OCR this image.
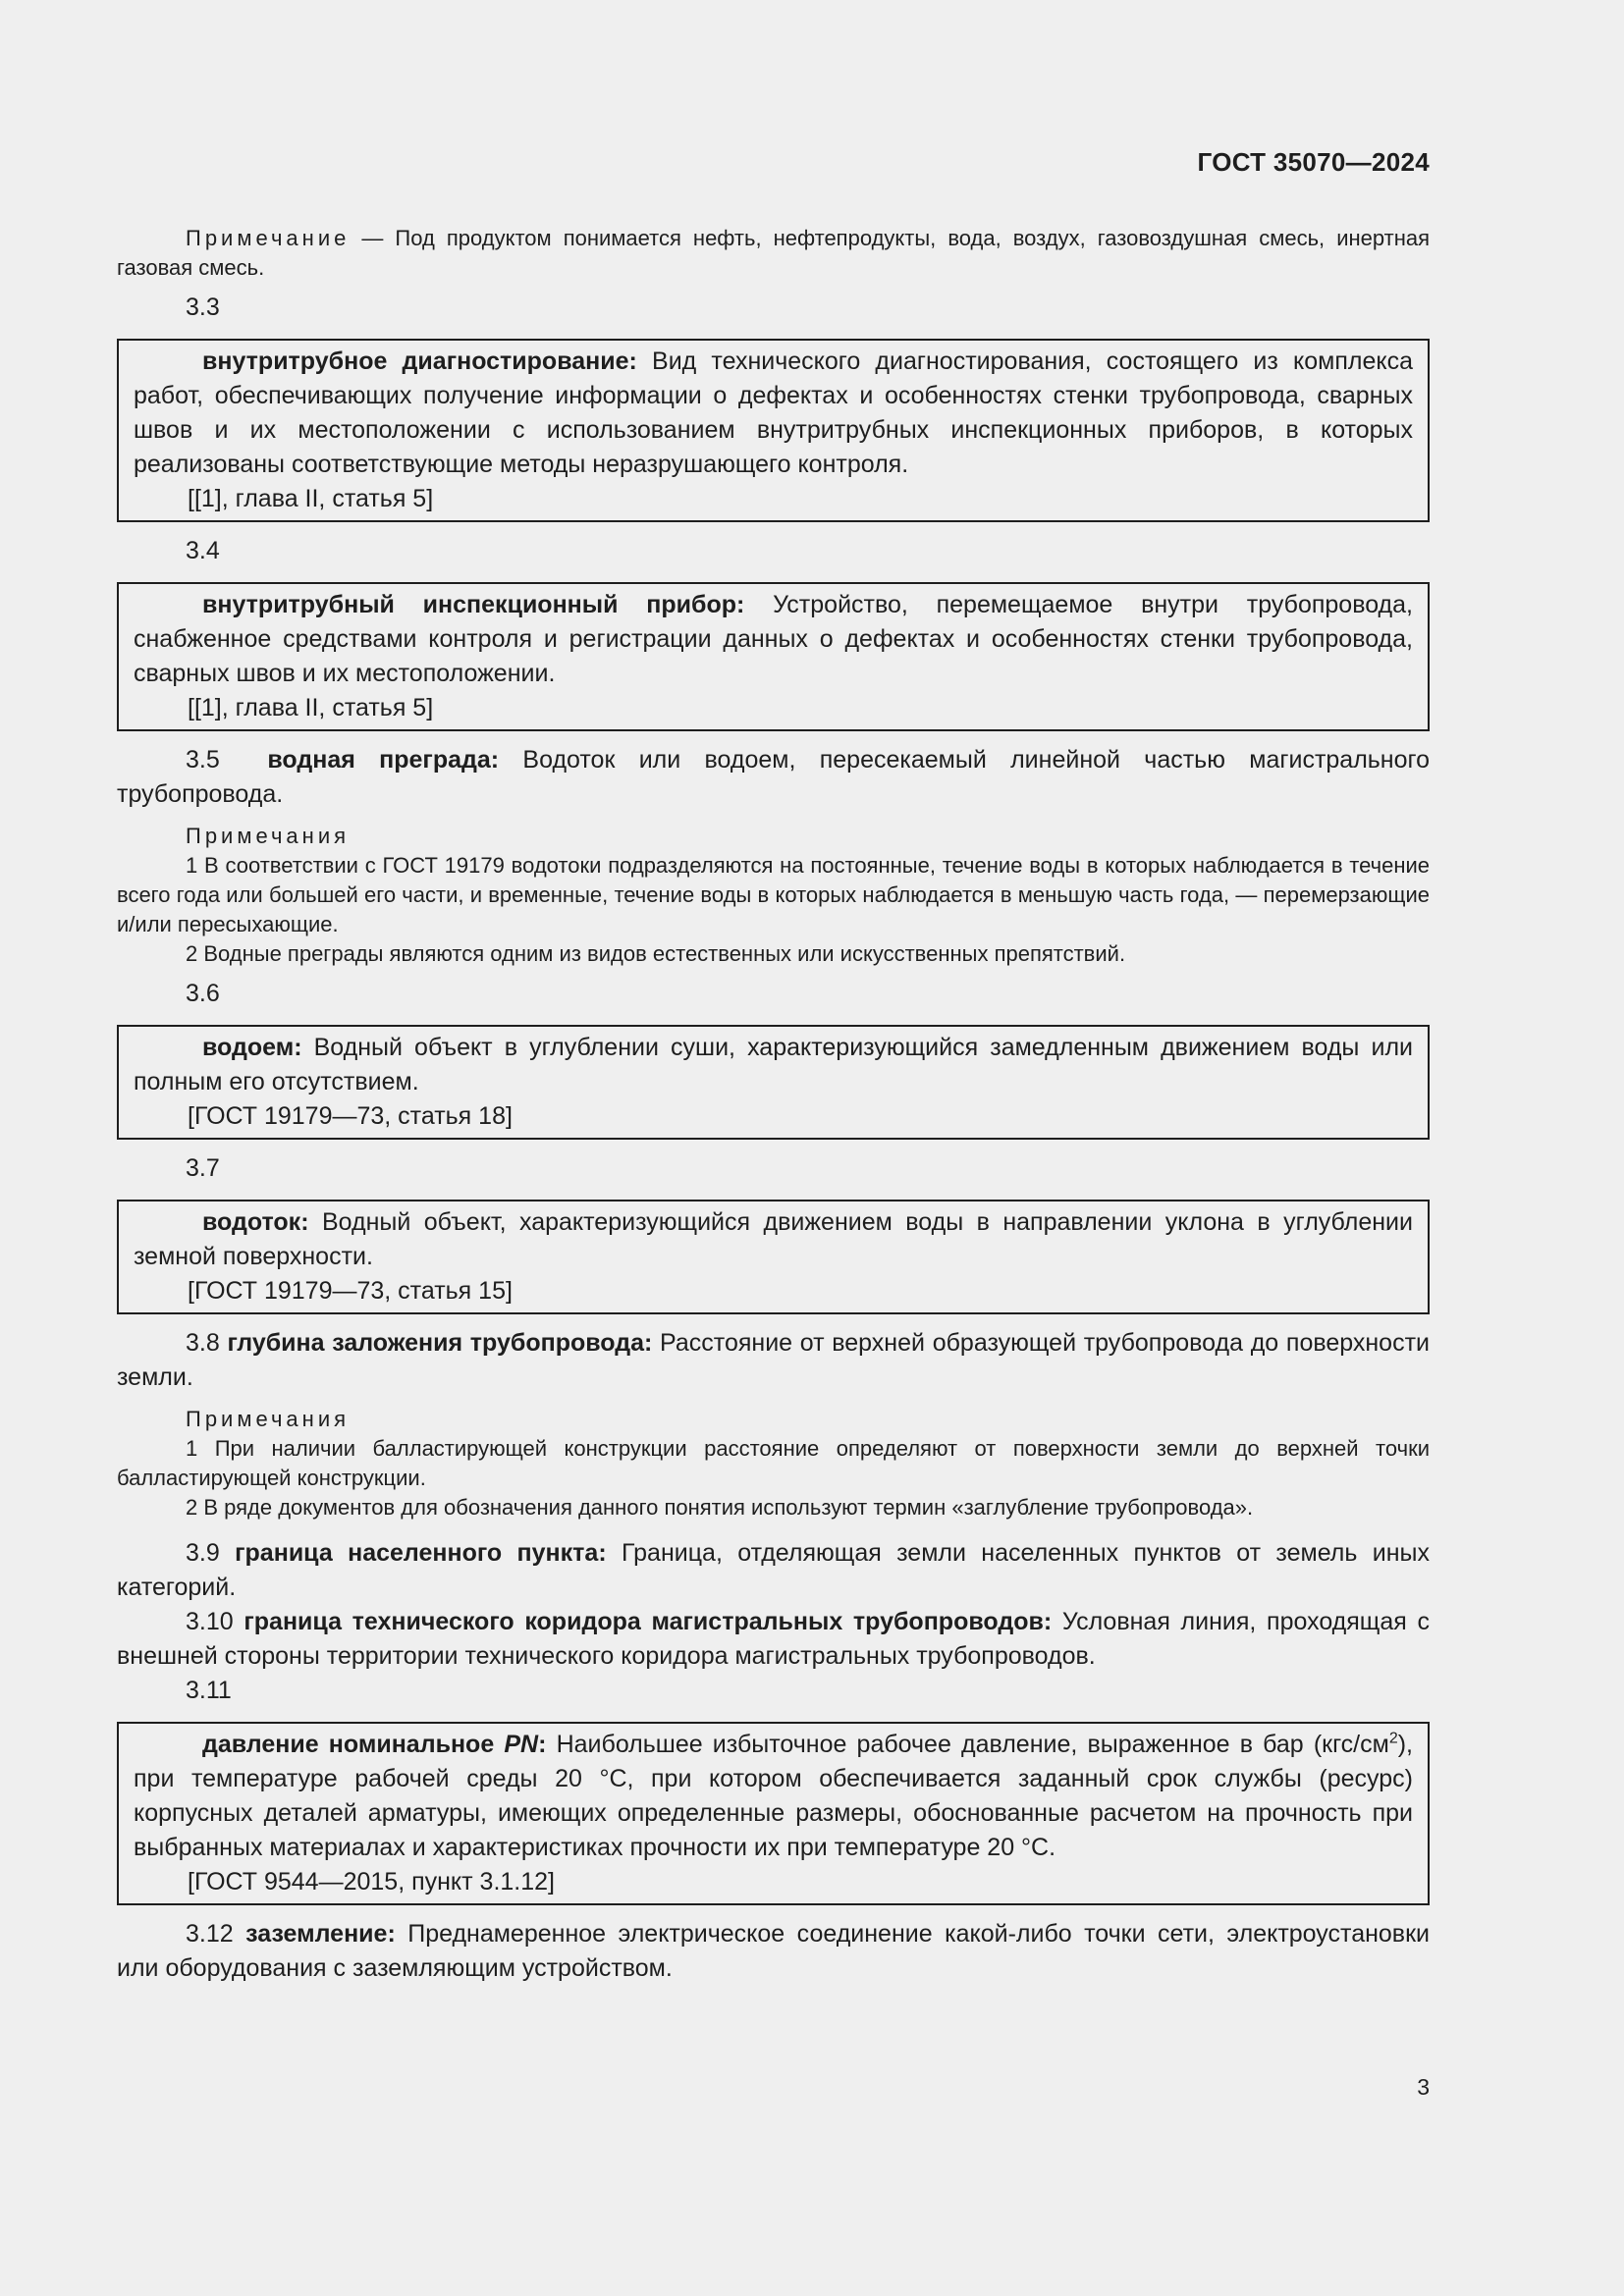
ГОСТ 35070—2024

Примечание — Под продуктом понимается нефть, нефтепродукты, вода, воздух, газовоздушная смесь, инертная газовая смесь.

3.3

внутритрубное диагностирование: Вид технического диагностирования, состоящего из комплекса работ, обеспечивающих получение информации о дефектах и особенностях стенки трубопровода, сварных швов и их местоположении с использованием внутритрубных инспекционных приборов, в которых реализованы соответствующие методы неразрушающего контроля.

[[1], глава II, статья 5]
3.4

внутритрубный инспекционный прибор: Устройство, перемещаемое внутри трубопровода, снабженное средствами контроля и регистрации данных о дефектах и особенностях стенки трубопровода, сварных швов и их местоположении.

[[1], глава II, статья 5]

3.5 водная преграда: Водоток или водоем, пересекаемый линейной частью магистрального трубопровода.

Примечания

1 В соответствии с ГОСТ 19179 водотоки подразделяются на постоянные, течение воды в которых наблюдается в течение всего года или большей его части, и временные, течение воды в которых наблюдается в меньшую часть года, — перемерзающие и/или пересыхающие.

2 Водные преграды являются одним из видов естественных или искусственных препятствий.

3.6

водоем: Водный объект в углублении суши, характеризующийся замедленным движением воды или полным его отсутствием.

[ГОСТ 19179—73, статья 18]
3.7

водоток: Водный объект, характеризующийся движением воды в направлении уклона в углублении земной поверхности.

[ГОСТ 19179—73, статья 15]

3.8 глубина заложения трубопровода: Расстояние от верхней образующей трубопровода до поверхности земли.

Примечания

1 При наличии балластирующей конструкции расстояние определяют от поверхности земли до верхней точки балластирующей конструкции.

2 В ряде документов для обозначения данного понятия используют термин «заглубление трубопровода».

3.9 граница населенного пункта: Граница, отделяющая земли населенных пунктов от земель иных категорий.

3.10 граница технического коридора магистральных трубопроводов: Условная линия, проходящая с внешней стороны территории технического коридора магистральных трубопроводов.

3.11

давление номинальное PN: Наибольшее избыточное рабочее давление, выраженное в бар $(кгс/см^2)$, при температуре рабочей среды 20 °C, при котором обеспечивается заданный срок службы (ресурс) корпусных деталей арматуры, имеющих определенные размеры, обоснованные расчетом на прочность при выбранных материалах и характеристиках прочности их при температуре 20 °C.

[ГОСТ 9544—2015, пункт 3.1.12]

3.12 заземление: Преднамеренное электрическое соединение какой-либо точки сети, электроустановки или оборудования с заземляющим устройством.

3
